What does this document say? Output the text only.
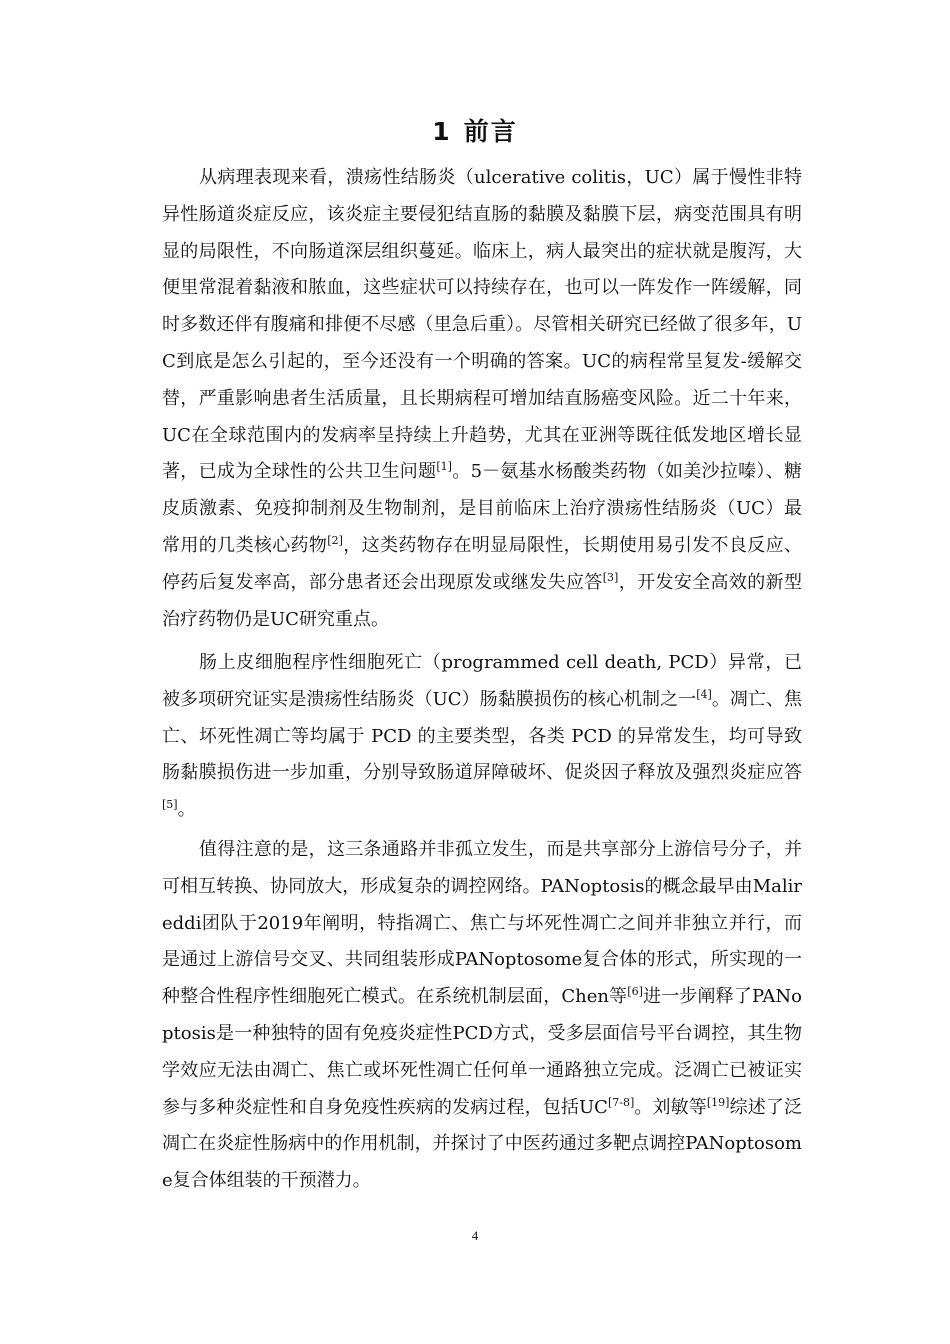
1 前言

从病理表现来看，溃疡性结肠炎（ulcerative colitis，UC）属于慢性非特异性肠道炎症反应，该炎症主要侵犯结直肠的黏膜及黏膜下层，病变范围具有明显的局限性，不向肠道深层组织蔓延。临床上，病人最突出的症状就是腹泻，大便里常混着黏液和脓血，这些症状可以持续存在，也可以一阵发作一阵缓解，同时多数还伴有腹痛和排便不尽感（里急后重）。尽管相关研究已经做了很多年，UC到底是怎么引起的，至今还没有一个明确的答案。UC的病程常呈复发-缓解交替，严重影响患者生活质量，且长期病程可增加结直肠癌变风险。近二十年来，UC在全球范围内的发病率呈持续上升趋势，尤其在亚洲等既往低发地区增长显著，已成为全球性的公共卫生问题[1]。5－氨基水杨酸类药物（如美沙拉嗪）、糖皮质激素、免疫抑制剂及生物制剂，是目前临床上治疗溃疡性结肠炎（UC）最常用的几类核心药物[2]，这类药物存在明显局限性，长期使用易引发不良反应、停药后复发率高，部分患者还会出现原发或继发失应答[3]，开发安全高效的新型治疗药物仍是UC研究重点。

肠上皮细胞程序性细胞死亡（programmed cell death, PCD）异常，已被多项研究证实是溃疡性结肠炎（UC）肠黏膜损伤的核心机制之一[4]。凋亡、焦亡、坏死性凋亡等均属于 PCD 的主要类型，各类 PCD 的异常发生，均可导致肠黏膜损伤进一步加重，分别导致肠道屏障破坏、促炎因子释放及强烈炎症应答[5]。

值得注意的是，这三条通路并非孤立发生，而是共享部分上游信号分子，并可相互转换、协同放大，形成复杂的调控网络。PANoptosis的概念最早由Malireddi团队于2019年阐明，特指凋亡、焦亡与坏死性凋亡之间并非独立并行，而是通过上游信号交叉、共同组装形成PANoptosome复合体的形式，所实现的一种整合性程序性细胞死亡模式。在系统机制层面，Chen等[6]进一步阐释了PANoptosis是一种独特的固有免疫炎症性PCD方式，受多层面信号平台调控，其生物学效应无法由凋亡、焦亡或坏死性凋亡任何单一通路独立完成。泛凋亡已被证实参与多种炎症性和自身免疫性疾病的发病过程，包括UC[7-8]。刘敏等[19]综述了泛凋亡在炎症性肠病中的作用机制，并探讨了中医药通过多靶点调控PANoptosome复合体组装的干预潜力。

4
